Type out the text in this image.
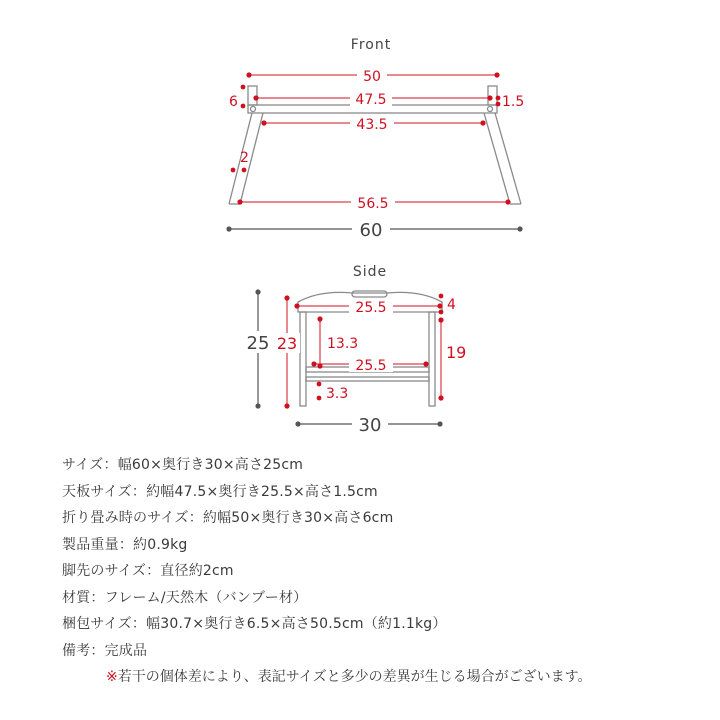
Front
50
47.5	1.5
6
43.5
2
56.5
60
Side
25.5	4
25 23 13.3
25.5
19
3.3
30
サイズ：幅60×奥行き30×高さ25cm
天板サイズ：約幅47.5×奥行き25.5×高さ1.5cm
折り畳み時のサイズ：約幅50×奥行き30×高さ6cm
製品重量：約0.9kg
脚先のサイズ：直径約2cm
材質：フレーム/天然木（バンブー材）
梱包サイズ：幅30.7×奥行き6.5×高さ50.5cm（約1.1kg）
備考：完成品
※若干の個体差により、表記サイズと多少の差異が生じる場合がございます。
